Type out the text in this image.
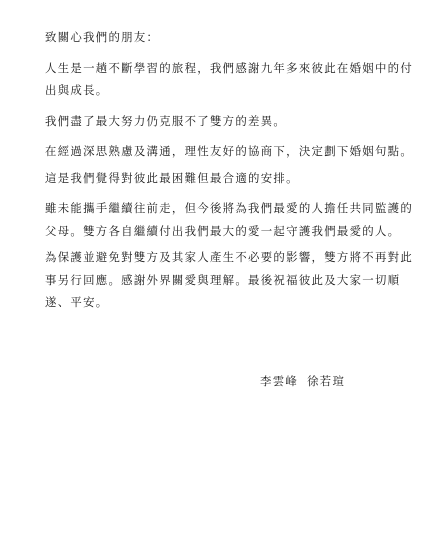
致關心我們的朋友：
人生是一趟不斷學習的旅程，我們感謝九年多來彼此在婚姻中的付
出與成長。
我們盡了最大努力仍克服不了雙方的差異。
在經過深思熟慮及溝通，理性友好的協商下，決定劃下婚姻句點。
這是我們覺得對彼此最困難但最合適的安排。
雖未能攜手繼續往前走，但今後將為我們最愛的人擔任共同監護的
父母。雙方各自繼續付出我們最大的愛一起守護我們最愛的人。
為保護並避免對雙方及其家人產生不必要的影響，雙方將不再對此
事另行回應。感謝外界關愛與理解。最後祝福彼此及大家一切順
遂、平安。
李雲峰 徐若瑄
